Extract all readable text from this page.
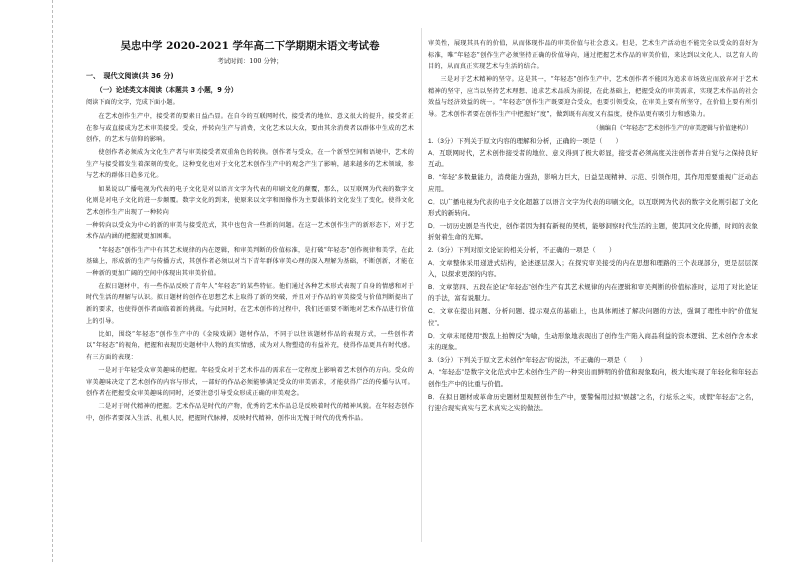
吴忠中学 2020-2021 学年高二下学期期末语文考试卷
考试时间：100 分钟；
一、　现代文阅读(共 36 分)
（一）论述类文本阅读（本题共 3 小题，9 分）
阅读下面的文字，完成下面小题。
在艺术创作生产中，接受者的要素日益凸显。在自今的互联网时代，接受者的地位、意义很大的提升，接受者正在参与或直接成为艺术审美接受。受众，并转向生产与消费，文化艺术以大众，要由其余消费者以群体中生成的艺术创作，的艺术与信仰的影响。
使创作者必须成为文化生产者与审美接受者双重角色的转换。创作者与受众，在一个新型空间和语境中，艺术的生产与接受都发生着深刻的变化，这种变化也对于文化艺术创作生产中的观念产生了影响，越来越多的艺术领域，参与艺术的群体日趋多元化。
如果说以广播电视为代表的电子文化是对以语言文字为代表的印刷文化的颠覆，那么，以互联网为代表的数字文化则是对电子文化的进一步颠覆。数字文化的到来，使原来以文字和图像作为主要载体的文化发生了变化，使得文化艺术创作生产出现了一种转向
一种转向以受众为中心的新的审美与接受范式，其中也包含一些新的问题。在这一艺术创作生产的新形态下，对于艺术作品内涵的把握就更加困难。
“年轻态”创作生产中有其艺术规律的内在逻辑，和审美判断的价值标准，是打破“年轻态”创作规律和美学，在此基础上，形成新的生产与传播方式，其创作者必须以对当下青年群体审美心理的深入理解为基础，不断创新，才能在一种新的更加广阔的空间中体现出其审美价值。
在拟日题材中，有一些作品反映了青年人“年轻态”的某些特征。他们通过各种艺术形式表现了自身的情感和对于时代生活的理解与认识。拟日题材的创作在思想艺术上取得了新的突破，并且对于作品的审美接受与价值判断提出了新的要求，也使得创作者面临着新的挑战。与此同时，在艺术创作的过程中，我们还需要不断地对艺术作品进行价值上的引导。
比如，围绕“年轻态”创作生产中的《金陵戏剧》题材作品，不同于以往该题材作品的表现方式，一些创作者以“年轻态”的视角，把握和表现历史题材中人物的真实情感，成为对人物塑造的有益补充，使得作品更具有时代感。有三方面的表现：
一是对于年轻受众审美趣味的把握。年轻受众对于艺术作品的需求在一定程度上影响着艺术创作的方向。受众的审美趣味决定了艺术创作的内容与形式，一部好的作品必须能够满足受众的审美需求，才能获得广泛的传播与认可。创作者在把握受众审美趣味的同时，还要注意引导受众形成正确的审美观念。
二是对于时代精神的把握。艺术作品是时代的产物，优秀的艺术作品总是反映着时代的精神风貌。在年轻态创作中，创作者要深入生活、扎根人民，把握时代脉搏，反映时代精神，创作出无愧于时代的优秀作品。
审美性，展现其具有的价值，从而体现作品的审美价值与社会意义。但是，艺术生产活动也不能完全以受众的喜好为标准，唯“年轻态”创作生产必须坚持正确的价值导向，通过把握艺术作品的审美价值，来达到以文化人、以艺育人的目的，从而真正实现艺术与生活的结合。
三是对于艺术精神的坚守。这是其一，“年轻态”创作生产中，艺术创作者不能因为追求市场效应而放弃对于艺术精神的坚守，应当以坚持艺术理想、追求艺术品质为前提，在此基础上，把握受众的审美需求，实现艺术作品的社会效益与经济效益的统一。“年轻态”创作生产既要迎合受众，也要引领受众，在审美上要有所坚守，在价值上要有所引导。艺术创作者要在创作生产中把握好“度”，做到既有高度又有温度，使作品更有吸引力和感染力。
（摘编自《“年轻态”艺术创作生产的审美逻辑与价值建构》）
1.（3分）下列关于原文内容的理解和分析，正确的一项是（　　）
A．互联网时代，艺术创作接受者的地位、意义得到了极大彰显，接受者必须高度关注创作者并自觉与之保持良好互动。
B．“年轻”多数量能力，消费能力强劲，影响力巨大，日益呈现精神、示范、引领作用，其作用需要重视广泛动态应用。
C．以广播电视为代表的电子文化超越了以语言文字为代表的印刷文化，以互联网为代表的数字文化则引起了文化形式的新转向。
D．一切历史剧是当代史，创作者因为拥有新视的契机，能够洞察时代生活的主题，使其同文化传播，时间的表象折射着生命的光辉。
2.（3分）下列对原文论证的相关分析，不正确的一项是（　　）
A．文章整体采用递进式结构，论述逐层深入；在探究审美接受的内在思想和理路的三个表现部分，更是层层深入，以探求更深的内容。
B．文章第四、五段在论证“年轻态”创作生产有其艺术规律的内在逻辑和审美判断的价值标准时，运用了对比论证的手法，富有说服力。
C．文章在提出问题、分析问题、提示观点的基础上，也具体阐述了解决问题的方法，强调了理性中的“价值复位”。
D．文章末尾使用“拨乱上拍牌反”为喻，生动形象地表现出了创作生产陷入商品利益的资本逻辑、艺术创作舍本求末的现象。
3.（3分）下列关于原文艺术创作“年轻态”的说法，不正确的一项是（　　）
A．“年轻态”是数字文化范式中艺术创作生产的一种突出而鲜明的价值和现象取向，极大地实现了年轻化和年轻态创作生产中的比重与价值。
B．在拟日题材或革命历史题材里观照创作生产中，要警惕用过拟“娱越”之名，行炫乐之实，或假“年轻态”之名，行迎合现实真实与艺术真实之实的做法。
